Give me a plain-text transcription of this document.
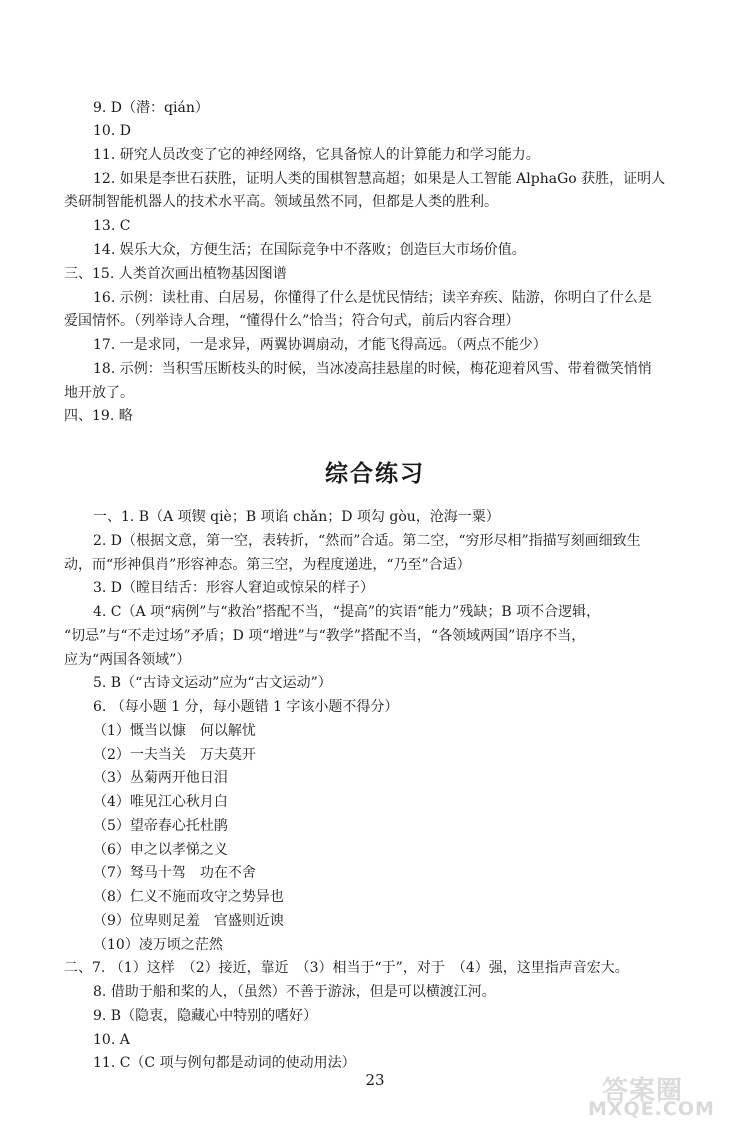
9. D（潜：qián）
10. D
11. 研究人员改变了它的神经网络，它具备惊人的计算能力和学习能力。
12. 如果是李世石获胜，证明人类的围棋智慧高超；如果是人工智能 AlphaGo 获胜，证明人
类研制智能机器人的技术水平高。领域虽然不同，但都是人类的胜利。
13. C
14. 娱乐大众，方便生活；在国际竞争中不落败；创造巨大市场价值。
三、15. 人类首次画出植物基因图谱
16. 示例：读杜甫、白居易，你懂得了什么是忧民情结；读辛弃疾、陆游，你明白了什么是
爱国情怀。（列举诗人合理，“懂得什么”恰当；符合句式，前后内容合理）
17. 一是求同，一是求异，两翼协调扇动，才能飞得高远。（两点不能少）
18. 示例：当积雪压断枝头的时候，当冰凌高挂悬崖的时候，梅花迎着风雪、带着微笑悄悄
地开放了。
四、19. 略
综合练习
一、1. B（A 项锲 qiè；B 项谄 chǎn；D 项勾 gòu，沧海一粟）
2. D（根据文意，第一空，表转折，“然而”合适。第二空，“穷形尽相”指描写刻画细致生
动，而“形神俱肖”形容神态。第三空，为程度递进，“乃至”合适）
3. D（瞠目结舌：形容人窘迫或惊呆的样子）
4. C（A 项“病例”与“救治”搭配不当，“提高”的宾语“能力”残缺；B 项不合逻辑，
“切忌”与“不走过场”矛盾；D 项“增进”与“教学”搭配不当，“各领域两国”语序不当，
应为“两国各领域”）
5. B（“古诗文运动”应为“古文运动”）
6. （每小题 1 分，每小题错 1 字该小题不得分）
（1）慨当以慷　何以解忧
（2）一夫当关　万夫莫开
（3）丛菊两开他日泪
（4）唯见江心秋月白
（5）望帝春心托杜鹃
（6）申之以孝悌之义
（7）驽马十驾　功在不舍
（8）仁义不施而攻守之势异也
（9）位卑则足羞　官盛则近谀
（10）凌万顷之茫然
二、7. （1）这样　（2）接近，靠近　（3）相当于“于”，对于　（4）强，这里指声音宏大。
8. 借助于船和桨的人，（虽然）不善于游泳，但是可以横渡江河。
9. B（隐衷，隐藏心中特别的嗜好）
10. A
11. C（C 项与例句都是动词的使动用法）
23	答案圈
MXQE.COM
